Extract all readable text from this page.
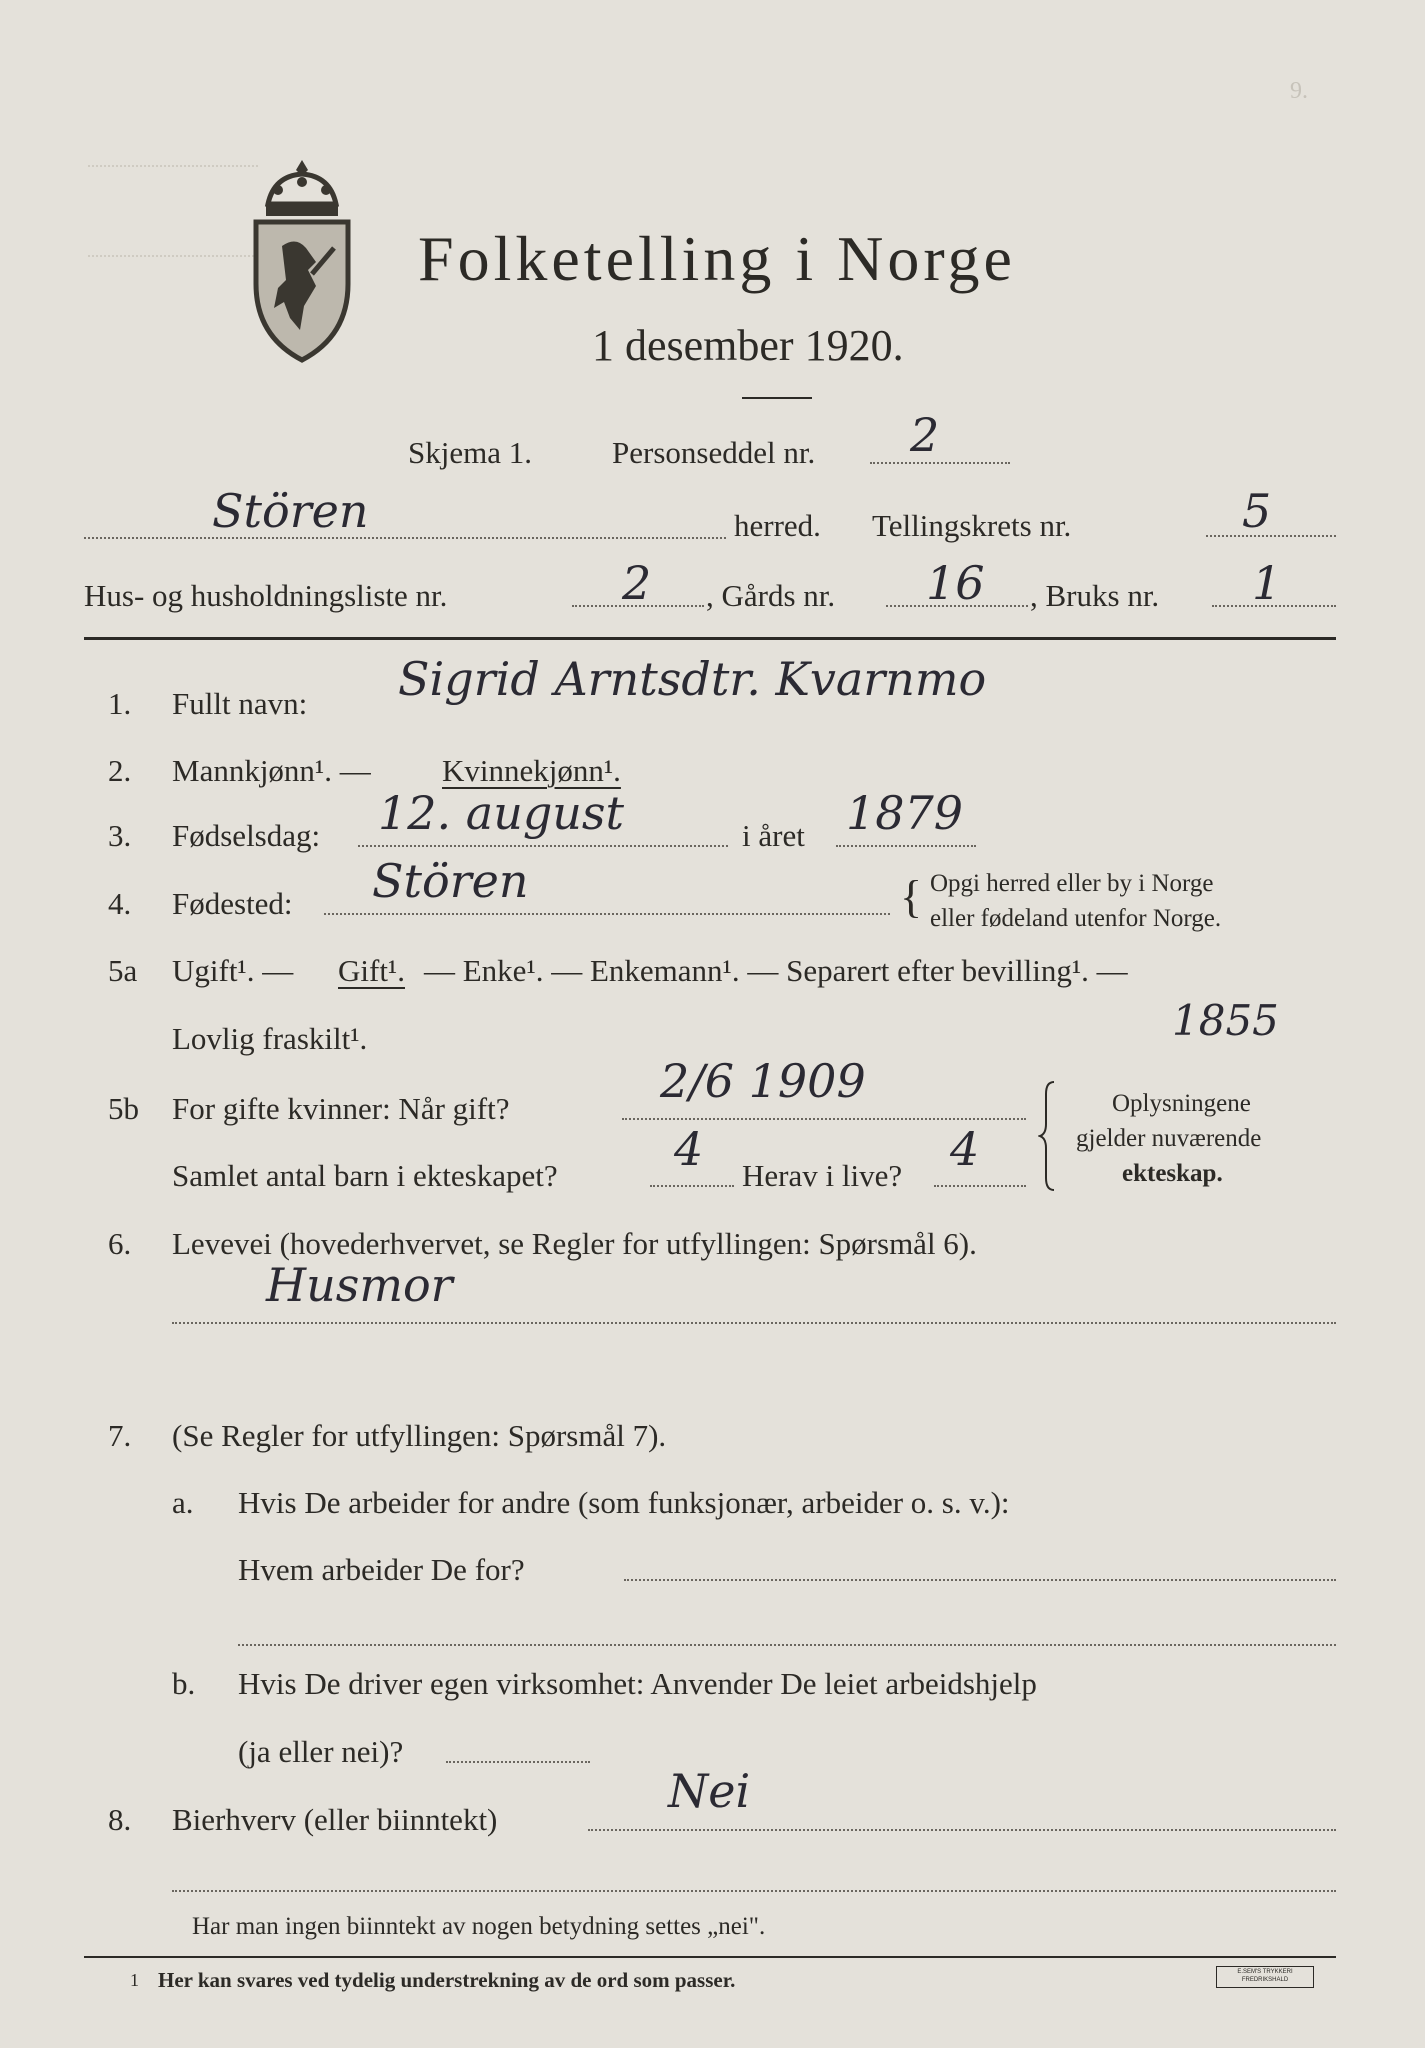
9.
Folketelling i Norge
1 desember 1920.
Skjema 1.	Personseddel nr. 2
Stören	herred. Tellingskrets nr.	5
Hus- og husholdningsliste nr.	2 , Gårds nr. 16 , Bruks nr. 1
1. Fullt navn: Sigrid Arntsdtr. Kvarnmo
2. Mannkjønn¹. — Kvinnekjønn¹.
3. Fødselsdag: 12. august	i året 1879
4. Fødested: Stören	{ Opgi herred eller by i Norge
eller fødeland utenfor Norge.
5a Ugift¹. — Gift¹. — Enke¹. — Enkemann¹. — Separert efter bevilling¹. —
Lovlig fraskilt¹.	1855
5b For gifte kvinner: Når gift?
2/6 1909
Samlet antal barn i ekteskapet?	4 Herav i live? 4
Oplysningene
gjelder nuværende
ekteskap.
6. Levevei (hovederhvervet, se Regler for utfyllingen: Spørsmål 6).
Husmor
7. (Se Regler for utfyllingen: Spørsmål 7).
a. Hvis De arbeider for andre (som funksjonær, arbeider o. s. v.):
Hvem arbeider De for?
b. Hvis De driver egen virksomhet: Anvender De leiet arbeidshjelp
(ja eller nei)?
8. Bierhverv (eller biinntekt)
Nei
Har man ingen biinntekt av nogen betydning settes „nei".
1 Her kan svares ved tydelig understrekning av de ord som passer.	E.SEM'S TRYKKERI FREDRIKSHALD
